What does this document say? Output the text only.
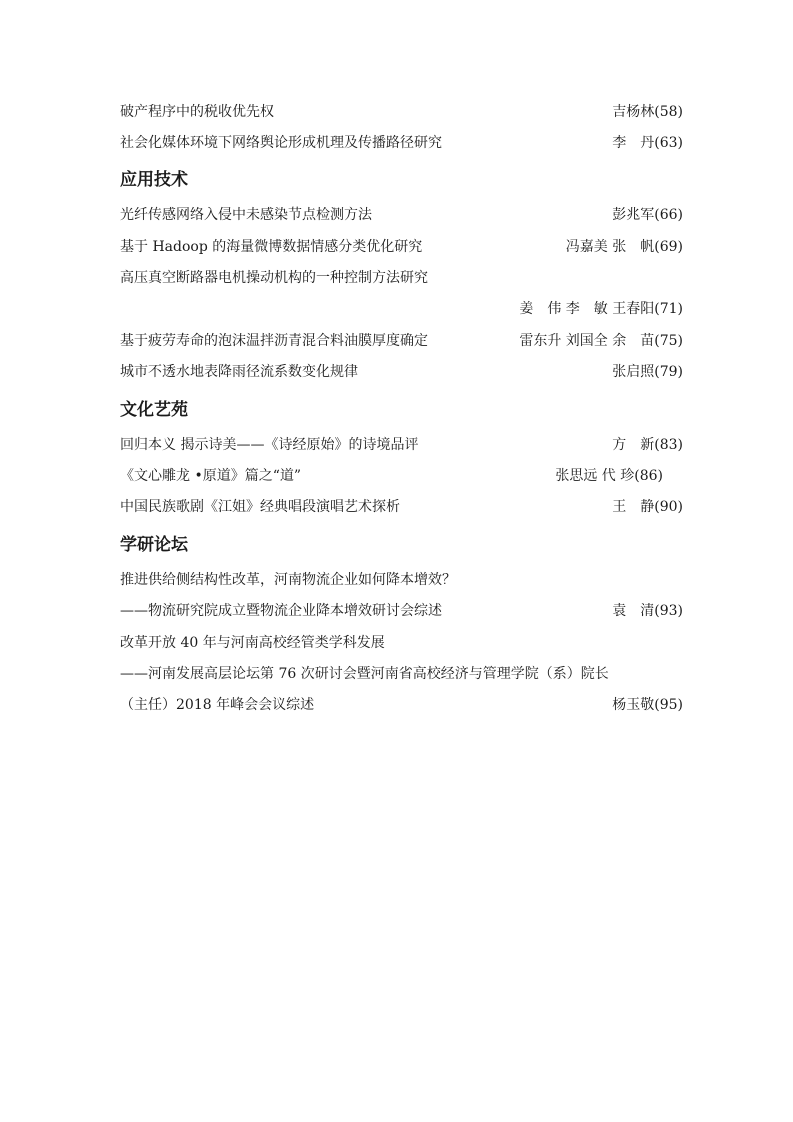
破产程序中的税收优先权	吉杨林(58)
社会化媒体环境下网络舆论形成机理及传播路径研究	李　丹(63)
应用技术
光纤传感网络入侵中未感染节点检测方法	彭兆军(66)
基于 Hadoop 的海量微博数据情感分类优化研究	冯嘉美 张　帆(69)
高压真空断路器电机操动机构的一种控制方法研究
姜　伟 李　敏 王春阳(71)
基于疲劳寿命的泡沫温拌沥青混合料油膜厚度确定	雷东升 刘国全 余　苗(75)
城市不透水地表降雨径流系数变化规律	张启照(79)
文化艺苑
回归本义 揭示诗美——《诗经原始》的诗境品评	方　新(83)
《文心雕龙 •原道》篇之“道”	张思远 代 珍(86)
中国民族歌剧《江姐》经典唱段演唱艺术探析	王　静(90)
学研论坛
推进供给侧结构性改革，河南物流企业如何降本增效？
——物流研究院成立暨物流企业降本增效研讨会综述	袁　清(93)
改革开放 40 年与河南高校经管类学科发展
——河南发展高层论坛第 76 次研讨会暨河南省高校经济与管理学院（系）院长
（主任）2018 年峰会会议综述	杨玉敬(95)
